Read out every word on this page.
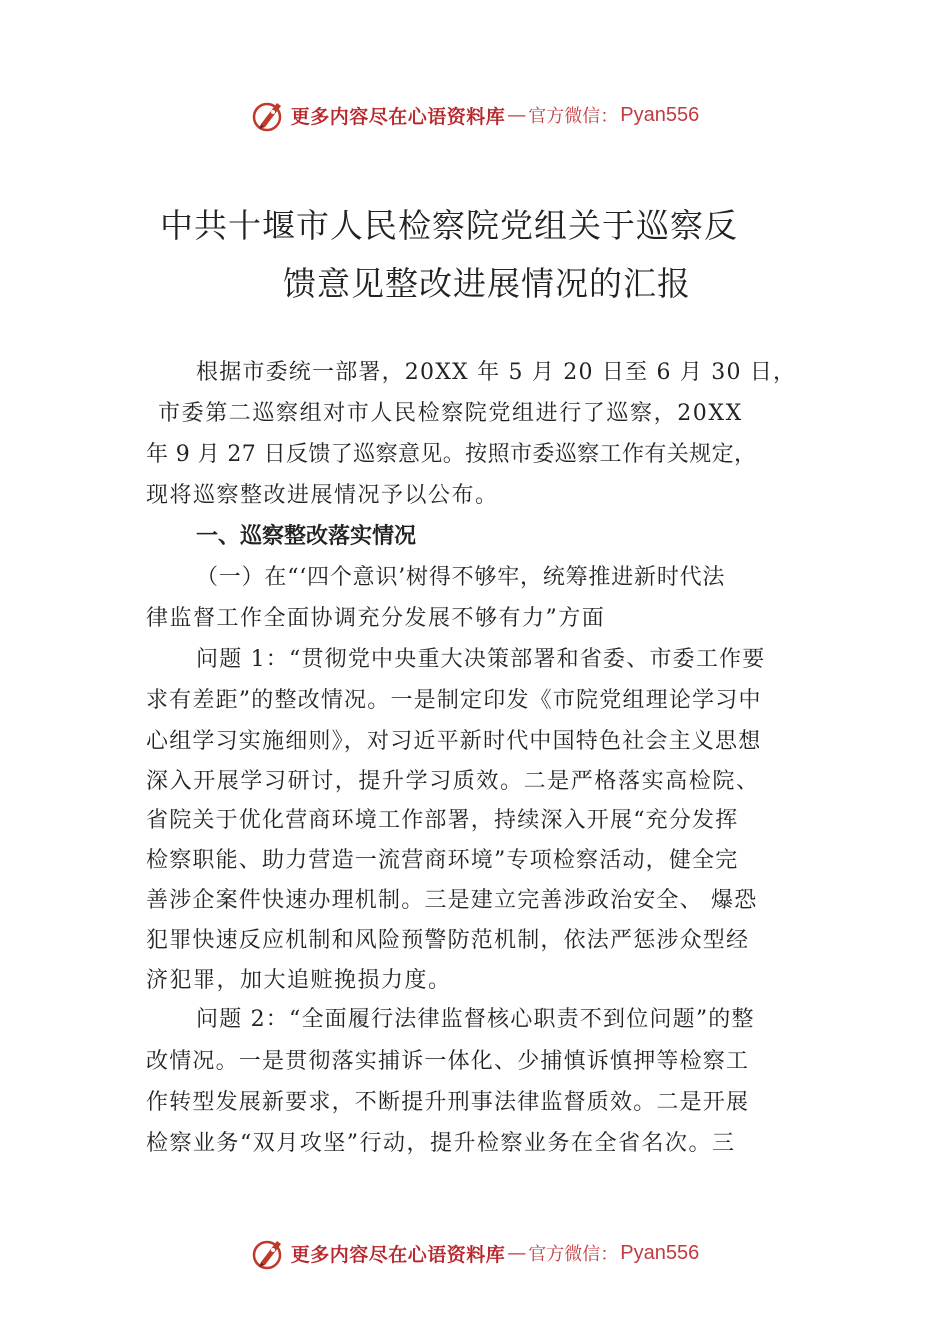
更多内容尽在心语资料库 — 官方微信： Pyan556
中共十堰市人民检察院党组关于巡察反
馈意见整改进展情况的汇报
根据市委统一部署，20XX 年 5 月 20 日至 6 月 30 日，
市委第二巡察组对市人民检察院党组进行了巡察，20XX
年 9 月 27 日反馈了巡察意见。按照市委巡察工作有关规定，
现将巡察整改进展情况予以公布。
一、巡察整改落实情况
（一）在“‘四个意识’树得不够牢，统筹推进新时代法
律监督工作全面协调充分发展不够有力”方面
问题 1：“贯彻党中央重大决策部署和省委、市委工作要
求有差距”的整改情况。一是制定印发《市院党组理论学习中
心组学习实施细则》，对习近平新时代中国特色社会主义思想
深入开展学习研讨，提升学习质效。二是严格落实高检院、
省院关于优化营商环境工作部署，持续深入开展“充分发挥
检察职能、助力营造一流营商环境”专项检察活动，健全完
善涉企案件快速办理机制。三是建立完善涉政治安全、 爆恐
犯罪快速反应机制和风险预警防范机制，依法严惩涉众型经
济犯罪，加大追赃挽损力度。
问题 2：“全面履行法律监督核心职责不到位问题”的整
改情况。一是贯彻落实捕诉一体化、少捕慎诉慎押等检察工
作转型发展新要求，不断提升刑事法律监督质效。二是开展
检察业务“双月攻坚”行动，提升检察业务在全省名次。三
更多内容尽在心语资料库 — 官方微信： Pyan556
